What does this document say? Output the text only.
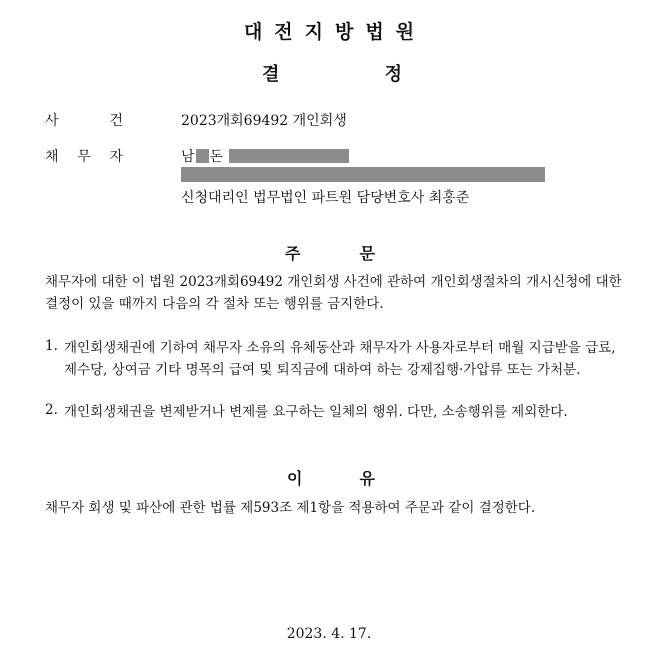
대전지방법원
결	정
사	건	2023개회69492 개인회생
채 무 자	남 돈
신청대리인 법무법인 파트원 담당변호사 최홍준
주	문
채무자에 대한 이 법원 2023개회69492 개인회생 사건에 관하여 개인회생절차의 개시신청에 대한 결정이 있을 때까지 다음의 각 절차 또는 행위를 금지한다.
1. 개인회생채권에 기하여 채무자 소유의 유체동산과 채무자가 사용자로부터 매월 지급받을 급료, 제수당, 상여금 기타 명목의 급여 및 퇴직금에 대하여 하는 강제집행·가압류 또는 가처분.
2. 개인회생채권을 변제받거나 변제를 요구하는 일체의 행위. 다만, 소송행위를 제외한다.
이	유
채무자 회생 및 파산에 관한 법률 제593조 제1항을 적용하여 주문과 같이 결정한다.
2023. 4. 17.
